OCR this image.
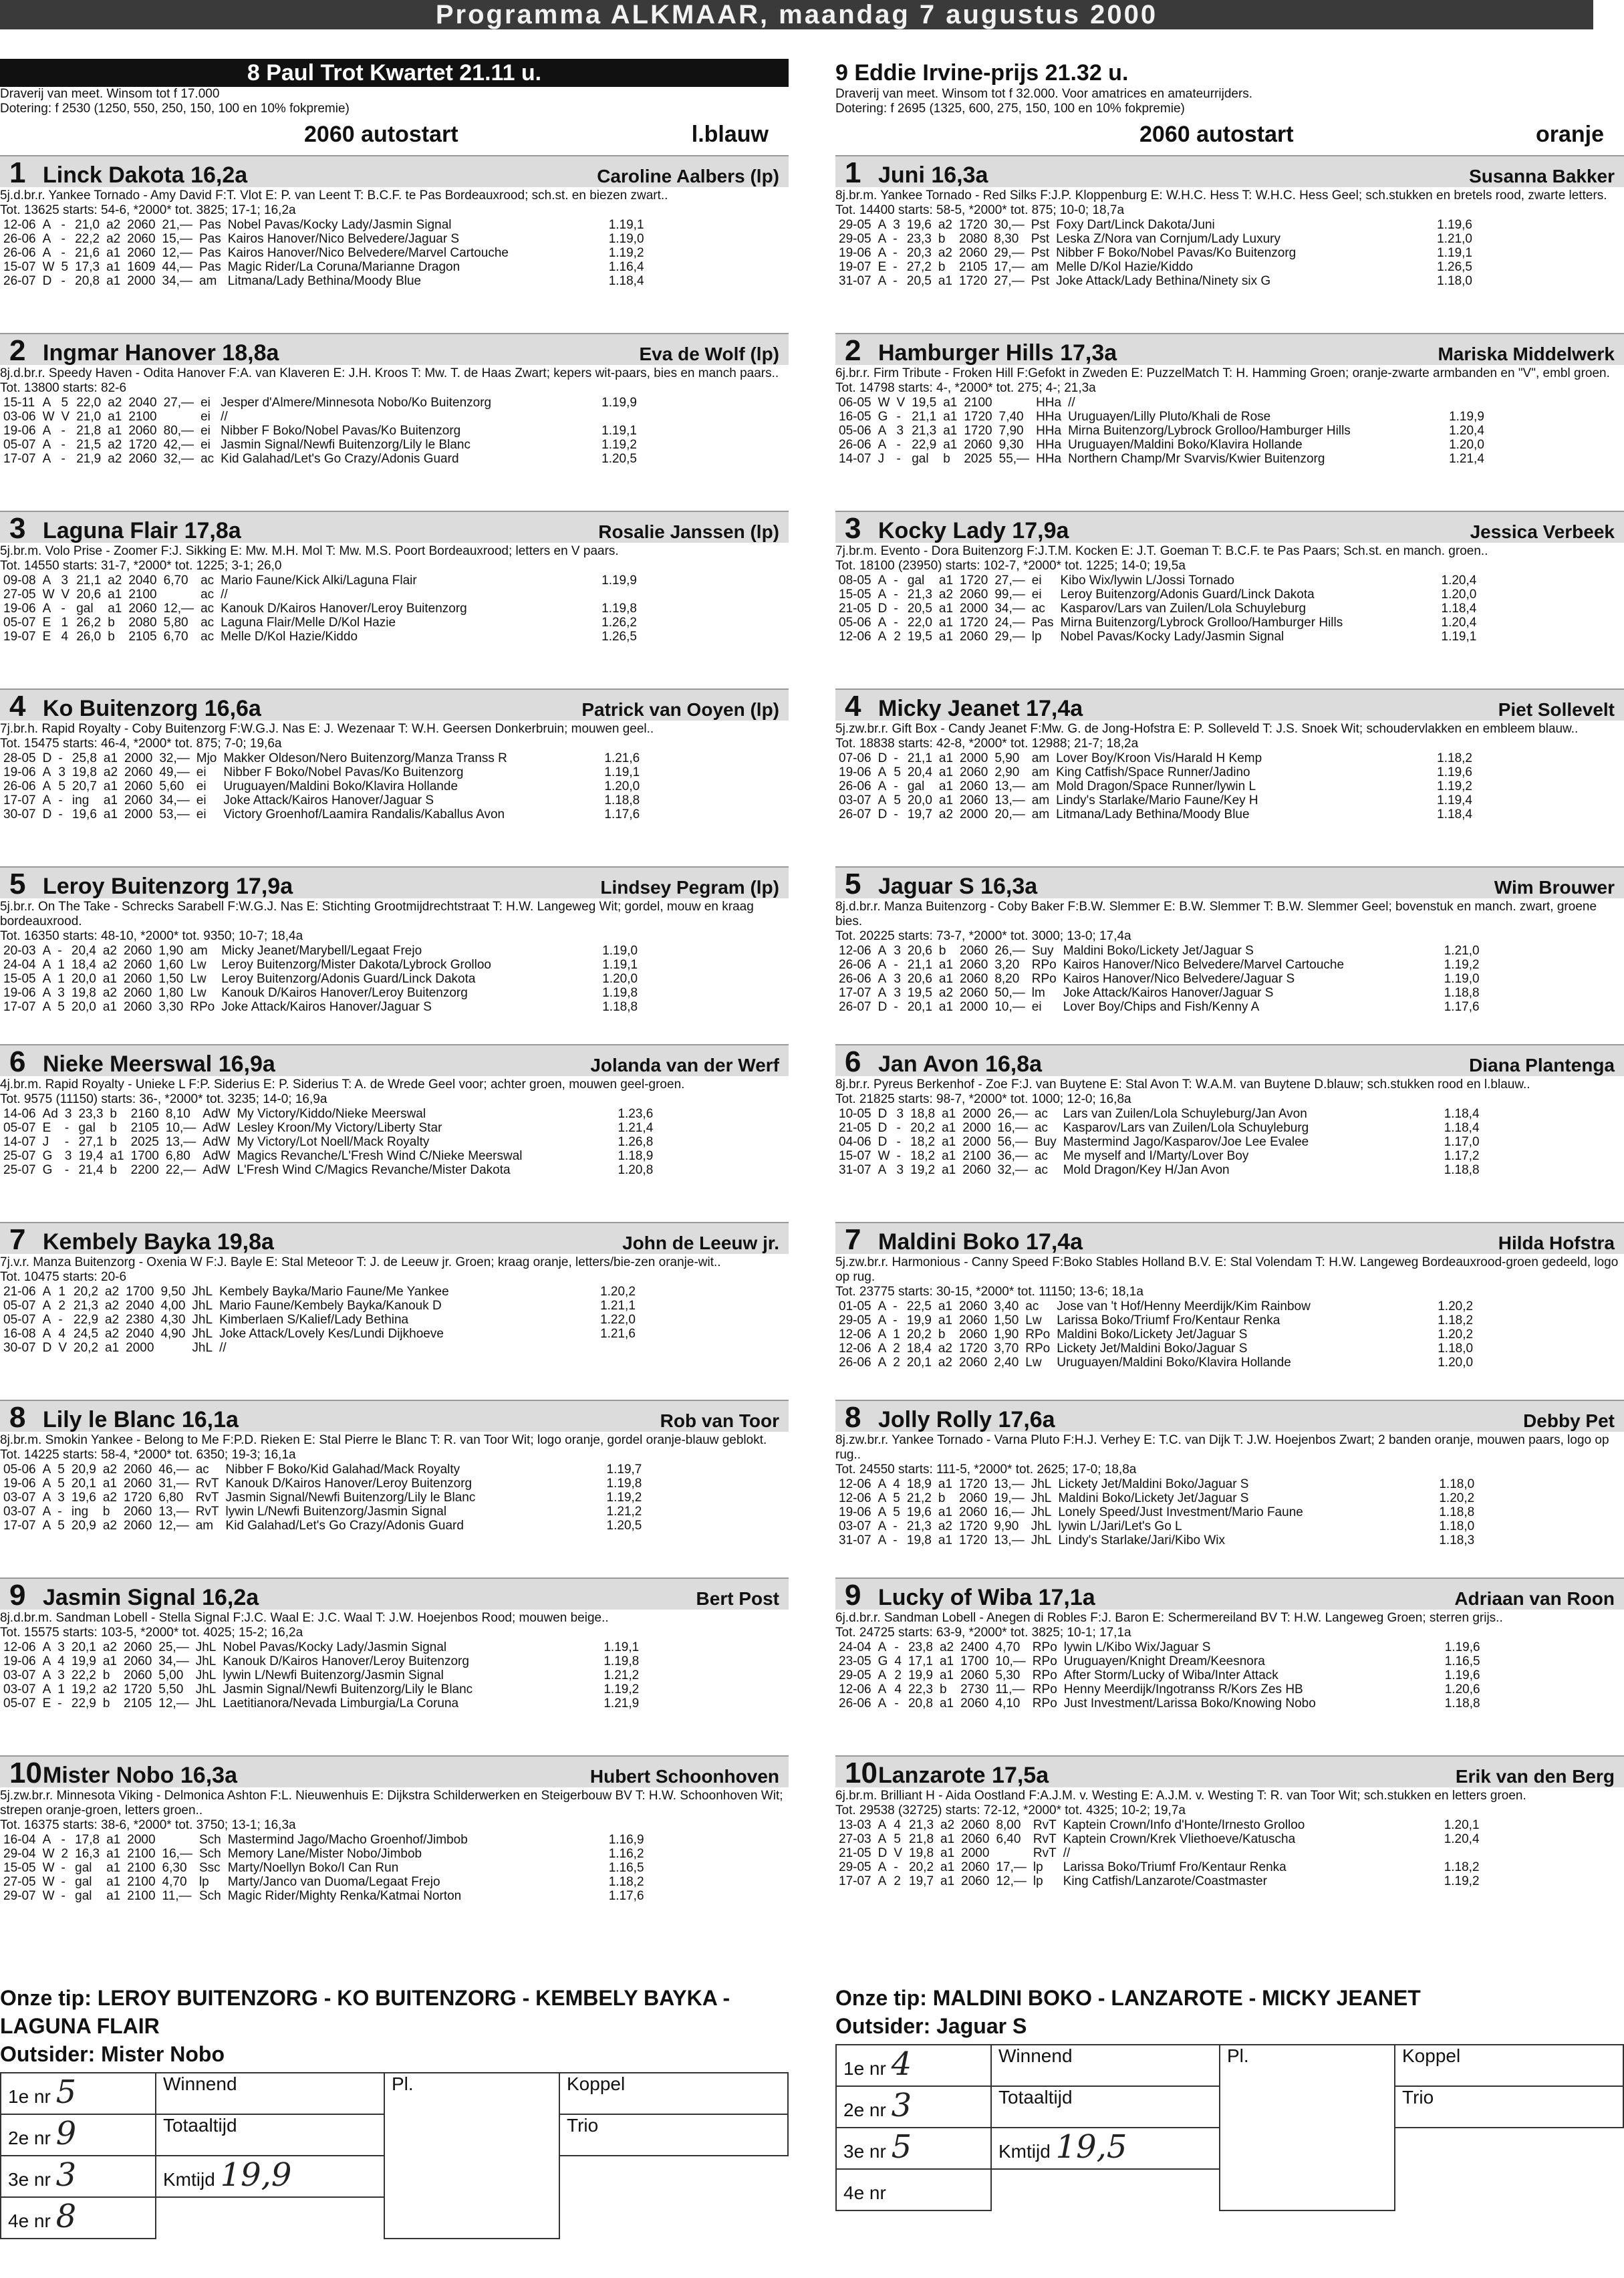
Programma ALKMAAR, maandag 7 augustus 2000
8 Paul Trot Kwartet 21.11 u.
Draverij van meet. Winsom tot f 17.000
Dotering: f 2530 (1250, 550, 250, 150, 100 en 10% fokpremie)
2060 autostart	l.blauw
1 Linck Dakota 16,2a	Caroline Aalbers (lp)
5j.d.br.r. Yankee Tornado - Amy David F:T. Vlot E: P. van Leent T: B.C.F. te Pas Bordeauxrood; sch.st. en biezen zwart..
Tot. 13625 starts: 54-6, *2000* tot. 3825; 17-1; 16,2a
12-06	A	-	21,0	a2	2060	21,—	Pas	Nobel Pavas/Kocky Lady/Jasmin Signal	1.19,1
26-06	A	-	22,2	a2	2060	15,—	Pas	Kairos Hanover/Nico Belvedere/Jaguar S	1.19,0
26-06	A	-	21,6	a1	2060	12,—	Pas	Kairos Hanover/Nico Belvedere/Marvel Cartouche	1.19,2
15-07	W	5	17,3	a1	1609	44,—	Pas	Magic Rider/La Coruna/Marianne Dragon	1.16,4
26-07	D	-	20,8	a1	2000	34,—	am	Litmana/Lady Bethina/Moody Blue	1.18,4
2 Ingmar Hanover 18,8a	Eva de Wolf (lp)
8j.d.br.r. Speedy Haven - Odita Hanover F:A. van Klaveren E: J.H. Kroos T: Mw. T. de Haas Zwart; kepers wit-paars, bies en manch paars..
Tot. 13800 starts: 82-6
15-11	A	5	22,0	a2	2040	27,—	ei	Jesper d'Almere/Minnesota Nobo/Ko Buitenzorg	1.19,9
03-06	W	V	21,0	a1	2100		ei	//	
19-06	A	-	21,8	a1	2060	80,—	ei	Nibber F Boko/Nobel Pavas/Ko Buitenzorg	1.19,1
05-07	A	-	21,5	a2	1720	42,—	ei	Jasmin Signal/Newfi Buitenzorg/Lily le Blanc	1.19,2
17-07	A	-	21,9	a2	2060	32,—	ac	Kid Galahad/Let's Go Crazy/Adonis Guard	1.20,5
3 Laguna Flair 17,8a	Rosalie Janssen (lp)
5j.br.m. Volo Prise - Zoomer F:J. Sikking E: Mw. M.H. Mol T: Mw. M.S. Poort Bordeauxrood; letters en V paars.
Tot. 14550 starts: 31-7, *2000* tot. 1225; 3-1; 26,0
09-08	A	3	21,1	a2	2040	6,70	ac	Mario Faune/Kick Alki/Laguna Flair	1.19,9
27-05	W	V	20,6	a1	2100		ac	//	
19-06	A	-	gal	a1	2060	12,—	ac	Kanouk D/Kairos Hanover/Leroy Buitenzorg	1.19,8
05-07	E	1	26,2	b	2080	5,80	ac	Laguna Flair/Melle D/Kol Hazie	1.26,2
19-07	E	4	26,0	b	2105	6,70	ac	Melle D/Kol Hazie/Kiddo	1.26,5
4 Ko Buitenzorg 16,6a	Patrick van Ooyen (lp)
7j.br.h. Rapid Royalty - Coby Buitenzorg F:W.G.J. Nas E: J. Wezenaar T: W.H. Geersen Donkerbruin; mouwen geel..
Tot. 15475 starts: 46-4, *2000* tot. 875; 7-0; 19,6a
28-05	D	-	25,8	a1	2000	32,—	Mjo	Makker Oldeson/Nero Buitenzorg/Manza Transs R	1.21,6
19-06	A	3	19,8	a2	2060	49,—	ei	Nibber F Boko/Nobel Pavas/Ko Buitenzorg	1.19,1
26-06	A	5	20,7	a1	2060	5,60	ei	Uruguayen/Maldini Boko/Klavira Hollande	1.20,0
17-07	A	-	ing	a1	2060	34,—	ei	Joke Attack/Kairos Hanover/Jaguar S	1.18,8
30-07	D	-	19,6	a1	2000	53,—	ei	Victory Groenhof/Laamira Randalis/Kaballus Avon	1.17,6
5 Leroy Buitenzorg 17,9a	Lindsey Pegram (lp)
5j.br.r. On The Take - Schrecks Sarabell F:W.G.J. Nas E: Stichting Grootmijdrechtstraat T: H.W. Langeweg Wit; gordel, mouw en kraag bordeauxrood.
Tot. 16350 starts: 48-10, *2000* tot. 9350; 10-7; 18,4a
20-03	A	-	20,4	a2	2060	1,90	am	Micky Jeanet/Marybell/Legaat Frejo	1.19,0
24-04	A	1	18,4	a2	2060	1,60	Lw	Leroy Buitenzorg/Mister Dakota/Lybrock Grolloo	1.19,1
15-05	A	1	20,0	a1	2060	1,50	Lw	Leroy Buitenzorg/Adonis Guard/Linck Dakota	1.20,0
19-06	A	3	19,8	a2	2060	1,80	Lw	Kanouk D/Kairos Hanover/Leroy Buitenzorg	1.19,8
17-07	A	5	20,0	a1	2060	3,30	RPo	Joke Attack/Kairos Hanover/Jaguar S	1.18,8
6 Nieke Meerswal 16,9a	Jolanda van der Werf
4j.br.m. Rapid Royalty - Unieke L F:P. Siderius E: P. Siderius T: A. de Wrede Geel voor; achter groen, mouwen geel-groen.
Tot. 9575 (11150) starts: 36-, *2000* tot. 3235; 14-0; 16,9a
14-06	Ad	3	23,3	b	2160	8,10	AdW	My Victory/Kiddo/Nieke Meerswal	1.23,6
05-07	E	-	gal	b	2105	10,—	AdW	Lesley Kroon/My Victory/Liberty Star	1.21,4
14-07	J	-	27,1	b	2025	13,—	AdW	My Victory/Lot Noell/Mack Royalty	1.26,8
25-07	G	3	19,4	a1	1700	6,80	AdW	Magics Revanche/L'Fresh Wind C/Nieke Meerswal	1.18,9
25-07	G	-	21,4	b	2200	22,—	AdW	L'Fresh Wind C/Magics Revanche/Mister Dakota	1.20,8
7 Kembely Bayka 19,8a	John de Leeuw jr.
7j.v.r. Manza Buitenzorg - Oxenia W F:J. Bayle E: Stal Meteoor T: J. de Leeuw jr. Groen; kraag oranje, letters/bie-zen oranje-wit..
Tot. 10475 starts: 20-6
21-06	A	1	20,2	a2	1700	9,50	JhL	Kembely Bayka/Mario Faune/Me Yankee	1.20,2
05-07	A	2	21,3	a2	2040	4,00	JhL	Mario Faune/Kembely Bayka/Kanouk D	1.21,1
05-07	A	-	22,9	a2	2380	4,30	JhL	Kimberlaen S/Kalief/Lady Bethina	1.22,0
16-08	A	4	24,5	a2	2040	4,90	JhL	Joke Attack/Lovely Kes/Lundi Dijkhoeve	1.21,6
30-07	D	V	20,2	a1	2000		JhL	//	
8 Lily le Blanc 16,1a	Rob van Toor
8j.br.m. Smokin Yankee - Belong to Me F:P.D. Rieken E: Stal Pierre le Blanc T: R. van Toor Wit; logo oranje, gordel oranje-blauw geblokt.
Tot. 14225 starts: 58-4, *2000* tot. 6350; 19-3; 16,1a
05-06	A	5	20,9	a2	2060	46,—	ac	Nibber F Boko/Kid Galahad/Mack Royalty	1.19,7
19-06	A	5	20,1	a1	2060	31,—	RvT	Kanouk D/Kairos Hanover/Leroy Buitenzorg	1.19,8
03-07	A	3	19,6	a2	1720	6,80	RvT	Jasmin Signal/Newfi Buitenzorg/Lily le Blanc	1.19,2
03-07	A	-	ing	b	2060	13,—	RvT	lywin L/Newfi Buitenzorg/Jasmin Signal	1.21,2
17-07	A	5	20,9	a2	2060	12,—	am	Kid Galahad/Let's Go Crazy/Adonis Guard	1.20,5
9 Jasmin Signal 16,2a	Bert Post
8j.d.br.m. Sandman Lobell - Stella Signal F:J.C. Waal E: J.C. Waal T: J.W. Hoejenbos Rood; mouwen beige..
Tot. 15575 starts: 103-5, *2000* tot. 4025; 15-2; 16,2a
12-06	A	3	20,1	a2	2060	25,—	JhL	Nobel Pavas/Kocky Lady/Jasmin Signal	1.19,1
19-06	A	4	19,9	a1	2060	34,—	JhL	Kanouk D/Kairos Hanover/Leroy Buitenzorg	1.19,8
03-07	A	3	22,2	b	2060	5,00	JhL	lywin L/Newfi Buitenzorg/Jasmin Signal	1.21,2
03-07	A	1	19,2	a2	1720	5,50	JhL	Jasmin Signal/Newfi Buitenzorg/Lily le Blanc	1.19,2
05-07	E	-	22,9	b	2105	12,—	JhL	Laetitianora/Nevada Limburgia/La Coruna	1.21,9
10 Mister Nobo 16,3a	Hubert Schoonhoven
5j.zw.br.r. Minnesota Viking - Delmonica Ashton F:L. Nieuwenhuis E: Dijkstra Schilderwerken en Steigerbouw BV T: H.W. Schoonhoven Wit; strepen oranje-groen, letters groen..
Tot. 16375 starts: 38-6, *2000* tot. 3750; 13-1; 16,3a
16-04	A	-	17,8	a1	2000		Sch	Mastermind Jago/Macho Groenhof/Jimbob	1.16,9
29-04	W	2	16,3	a1	2100	16,—	Sch	Memory Lane/Mister Nobo/Jimbob	1.16,2
15-05	W	-	gal	a1	2100	6,30	Ssc	Marty/Noellyn Boko/I Can Run	1.16,5
27-05	W	-	gal	a1	2100	4,70	lp	Marty/Janco van Duoma/Legaat Frejo	1.18,2
29-07	W	-	gal	a1	2100	11,—	Sch	Magic Rider/Mighty Renka/Katmai Norton	1.17,6
Onze tip: LEROY BUITENZORG - KO BUITENZORG - KEMBELY BAYKA - LAGUNA FLAIR
Outsider: Mister Nobo
1e nr 5	Winnend	Pl.	Koppel
2e nr 9	Totaaltijd		Trio
3e nr 3	Kmtijd 19,9		
4e nr 8			
9 Eddie Irvine-prijs 21.32 u.
Draverij van meet. Winsom tot f 32.000. Voor amatrices en amateurrijders.
Dotering: f 2695 (1325, 600, 275, 150, 100 en 10% fokpremie)
2060 autostart	oranje
1 Juni 16,3a	Susanna Bakker
8j.br.m. Yankee Tornado - Red Silks F:J.P. Kloppenburg E: W.H.C. Hess T: W.H.C. Hess Geel; sch.stukken en bretels rood, zwarte letters.
Tot. 14400 starts: 58-5, *2000* tot. 875; 10-0; 18,7a
29-05	A	3	19,6	a2	1720	30,—	Pst	Foxy Dart/Linck Dakota/Juni	1.19,6
29-05	A	-	23,3	b	2080	8,30	Pst	Leska Z/Nora van Cornjum/Lady Luxury	1.21,0
19-06	A	-	20,3	a2	2060	29,—	Pst	Nibber F Boko/Nobel Pavas/Ko Buitenzorg	1.19,1
19-07	E	-	27,2	b	2105	17,—	am	Melle D/Kol Hazie/Kiddo	1.26,5
31-07	A	-	20,5	a1	1720	27,—	Pst	Joke Attack/Lady Bethina/Ninety six G	1.18,0
2 Hamburger Hills 17,3a	Mariska Middelwerk
6j.br.r. Firm Tribute - Froken Hill F:Gefokt in Zweden E: PuzzelMatch T: H. Hamming Groen; oranje-zwarte armbanden en "V", embl groen.
Tot. 14798 starts: 4-, *2000* tot. 275; 4-; 21,3a
06-05	W	V	19,5	a1	2100		HHa	//	
16-05	G	-	21,1	a1	1720	7,40	HHa	Uruguayen/Lilly Pluto/Khali de Rose	1.19,9
05-06	A	3	21,3	a1	1720	7,90	HHa	Mirna Buitenzorg/Lybrock Grolloo/Hamburger Hills	1.20,4
26-06	A	-	22,9	a1	2060	9,30	HHa	Uruguayen/Maldini Boko/Klavira Hollande	1.20,0
14-07	J	-	gal	b	2025	55,—	HHa	Northern Champ/Mr Svarvis/Kwier Buitenzorg	1.21,4
3 Kocky Lady 17,9a	Jessica Verbeek
7j.br.m. Evento - Dora Buitenzorg F:J.T.M. Kocken E: J.T. Goeman T: B.C.F. te Pas Paars; Sch.st. en manch. groen..
Tot. 18100 (23950) starts: 102-7, *2000* tot. 1225; 14-0; 19,5a
08-05	A	-	gal	a1	1720	27,—	ei	Kibo Wix/lywin L/Jossi Tornado	1.20,4
15-05	A	-	21,3	a2	2060	99,—	ei	Leroy Buitenzorg/Adonis Guard/Linck Dakota	1.20,0
21-05	D	-	20,5	a1	2000	34,—	ac	Kasparov/Lars van Zuilen/Lola Schuyleburg	1.18,4
05-06	A	-	22,0	a1	1720	24,—	Pas	Mirna Buitenzorg/Lybrock Grolloo/Hamburger Hills	1.20,4
12-06	A	2	19,5	a1	2060	29,—	lp	Nobel Pavas/Kocky Lady/Jasmin Signal	1.19,1
4 Micky Jeanet 17,4a	Piet Sollevelt
5j.zw.br.r. Gift Box - Candy Jeanet F:Mw. G. de Jong-Hofstra E: P. Solleveld T: J.S. Snoek Wit; schoudervlakken en embleem blauw..
Tot. 18838 starts: 42-8, *2000* tot. 12988; 21-7; 18,2a
07-06	D	-	21,1	a1	2000	5,90	am	Lover Boy/Kroon Vis/Harald H Kemp	1.18,2
19-06	A	5	20,4	a1	2060	2,90	am	King Catfish/Space Runner/Jadino	1.19,6
26-06	A	-	gal	a1	2060	13,—	am	Mold Dragon/Space Runner/lywin L	1.19,2
03-07	A	5	20,0	a1	2060	13,—	am	Lindy's Starlake/Mario Faune/Key H	1.19,4
26-07	D	-	19,7	a2	2000	20,—	am	Litmana/Lady Bethina/Moody Blue	1.18,4
5 Jaguar S 16,3a	Wim Brouwer
8j.d.br.r. Manza Buitenzorg - Coby Baker F:B.W. Slemmer E: B.W. Slemmer T: B.W. Slemmer Geel; bovenstuk en manch. zwart, groene bies.
Tot. 20225 starts: 73-7, *2000* tot. 3000; 13-0; 17,4a
12-06	A	3	20,6	b	2060	26,—	Suy	Maldini Boko/Lickety Jet/Jaguar S	1.21,0
26-06	A	-	21,1	a1	2060	3,20	RPo	Kairos Hanover/Nico Belvedere/Marvel Cartouche	1.19,2
26-06	A	3	20,6	a1	2060	8,20	RPo	Kairos Hanover/Nico Belvedere/Jaguar S	1.19,0
17-07	A	3	19,5	a2	2060	50,—	lm	Joke Attack/Kairos Hanover/Jaguar S	1.18,8
26-07	D	-	20,1	a1	2000	10,—	ei	Lover Boy/Chips and Fish/Kenny A	1.17,6
6 Jan Avon 16,8a	Diana Plantenga
8j.br.r. Pyreus Berkenhof - Zoe F:J. van Buytene E: Stal Avon T: W.A.M. van Buytene D.blauw; sch.stukken rood en l.blauw..
Tot. 21825 starts: 98-7, *2000* tot. 1000; 12-0; 16,8a
10-05	D	3	18,8	a1	2000	26,—	ac	Lars van Zuilen/Lola Schuyleburg/Jan Avon	1.18,4
21-05	D	-	20,2	a1	2000	16,—	ac	Kasparov/Lars van Zuilen/Lola Schuyleburg	1.18,4
04-06	D	-	18,2	a1	2000	56,—	Buy	Mastermind Jago/Kasparov/Joe Lee Evalee	1.17,0
15-07	W	-	18,2	a1	2100	36,—	ac	Me myself and I/Marty/Lover Boy	1.17,2
31-07	A	3	19,2	a1	2060	32,—	ac	Mold Dragon/Key H/Jan Avon	1.18,8
7 Maldini Boko 17,4a	Hilda Hofstra
5j.zw.br.r. Harmonious - Canny Speed F:Boko Stables Holland B.V. E: Stal Volendam T: H.W. Langeweg Bordeauxrood-groen gedeeld, logo op rug.
Tot. 23775 starts: 30-15, *2000* tot. 11150; 13-6; 18,1a
01-05	A	-	22,5	a1	2060	3,40	ac	Jose van 't Hof/Henny Meerdijk/Kim Rainbow	1.20,2
29-05	A	-	19,9	a1	2060	1,50	Lw	Larissa Boko/Triumf Fro/Kentaur Renka	1.18,2
12-06	A	1	20,2	b	2060	1,90	RPo	Maldini Boko/Lickety Jet/Jaguar S	1.20,2
12-06	A	2	18,4	a2	1720	3,70	RPo	Lickety Jet/Maldini Boko/Jaguar S	1.18,0
26-06	A	2	20,1	a2	2060	2,40	Lw	Uruguayen/Maldini Boko/Klavira Hollande	1.20,0
8 Jolly Rolly 17,6a	Debby Pet
8j.zw.br.r. Yankee Tornado - Varna Pluto F:H.J. Verhey E: T.C. van Dijk T: J.W. Hoejenbos Zwart; 2 banden oranje, mouwen paars, logo op rug..
Tot. 24550 starts: 111-5, *2000* tot. 2625; 17-0; 18,8a
12-06	A	4	18,9	a1	1720	13,—	JhL	Lickety Jet/Maldini Boko/Jaguar S	1.18,0
12-06	A	5	21,2	b	2060	19,—	JhL	Maldini Boko/Lickety Jet/Jaguar S	1.20,2
19-06	A	5	19,6	a1	2060	16,—	JhL	Lonely Speed/Just Investment/Mario Faune	1.18,8
03-07	A	-	21,3	a2	1720	9,90	JhL	lywin L/Jari/Let's Go L	1.18,0
31-07	A	-	19,8	a1	1720	13,—	JhL	Lindy's Starlake/Jari/Kibo Wix	1.18,3
9 Lucky of Wiba 17,1a	Adriaan van Roon
6j.d.br.r. Sandman Lobell - Anegen di Robles F:J. Baron E: Schermereiland BV T: H.W. Langeweg Groen; sterren grijs..
Tot. 24725 starts: 63-9, *2000* tot. 3825; 10-1; 17,1a
24-04	A	-	23,8	a2	2400	4,70	RPo	lywin L/Kibo Wix/Jaguar S	1.19,6
23-05	G	4	17,1	a1	1700	10,—	RPo	Uruguayen/Knight Dream/Keesnora	1.16,5
29-05	A	2	19,9	a1	2060	5,30	RPo	After Storm/Lucky of Wiba/Inter Attack	1.19,6
12-06	A	4	22,3	b	2730	11,—	RPo	Henny Meerdijk/Ingotranss R/Kors Zes HB	1.20,6
26-06	A	-	20,8	a1	2060	4,10	RPo	Just Investment/Larissa Boko/Knowing Nobo	1.18,8
10 Lanzarote 17,5a	Erik van den Berg
6j.br.m. Brilliant H - Aida Oostland F:A.J.M. v. Westing E: A.J.M. v. Westing T: R. van Toor Wit; sch.stukken en letters groen.
Tot. 29538 (32725) starts: 72-12, *2000* tot. 4325; 10-2; 19,7a
13-03	A	4	21,3	a2	2060	8,00	RvT	Kaptein Crown/Info d'Honte/Irnesto Grolloo	1.20,1
27-03	A	5	21,8	a1	2060	6,40	RvT	Kaptein Crown/Krek Vliethoeve/Katuscha	1.20,4
21-05	D	V	19,8	a1	2000		RvT	//	
29-05	A	-	20,2	a1	2060	17,—	lp	Larissa Boko/Triumf Fro/Kentaur Renka	1.18,2
17-07	A	2	19,7	a1	2060	12,—	lp	King Catfish/Lanzarote/Coastmaster	1.19,2
Onze tip: MALDINI BOKO - LANZAROTE - MICKY JEANET
Outsider: Jaguar S
1e nr 4	Winnend	Pl.	Koppel
2e nr 3	Totaaltijd		Trio
3e nr 5	Kmtijd 19,5		
4e nr			
